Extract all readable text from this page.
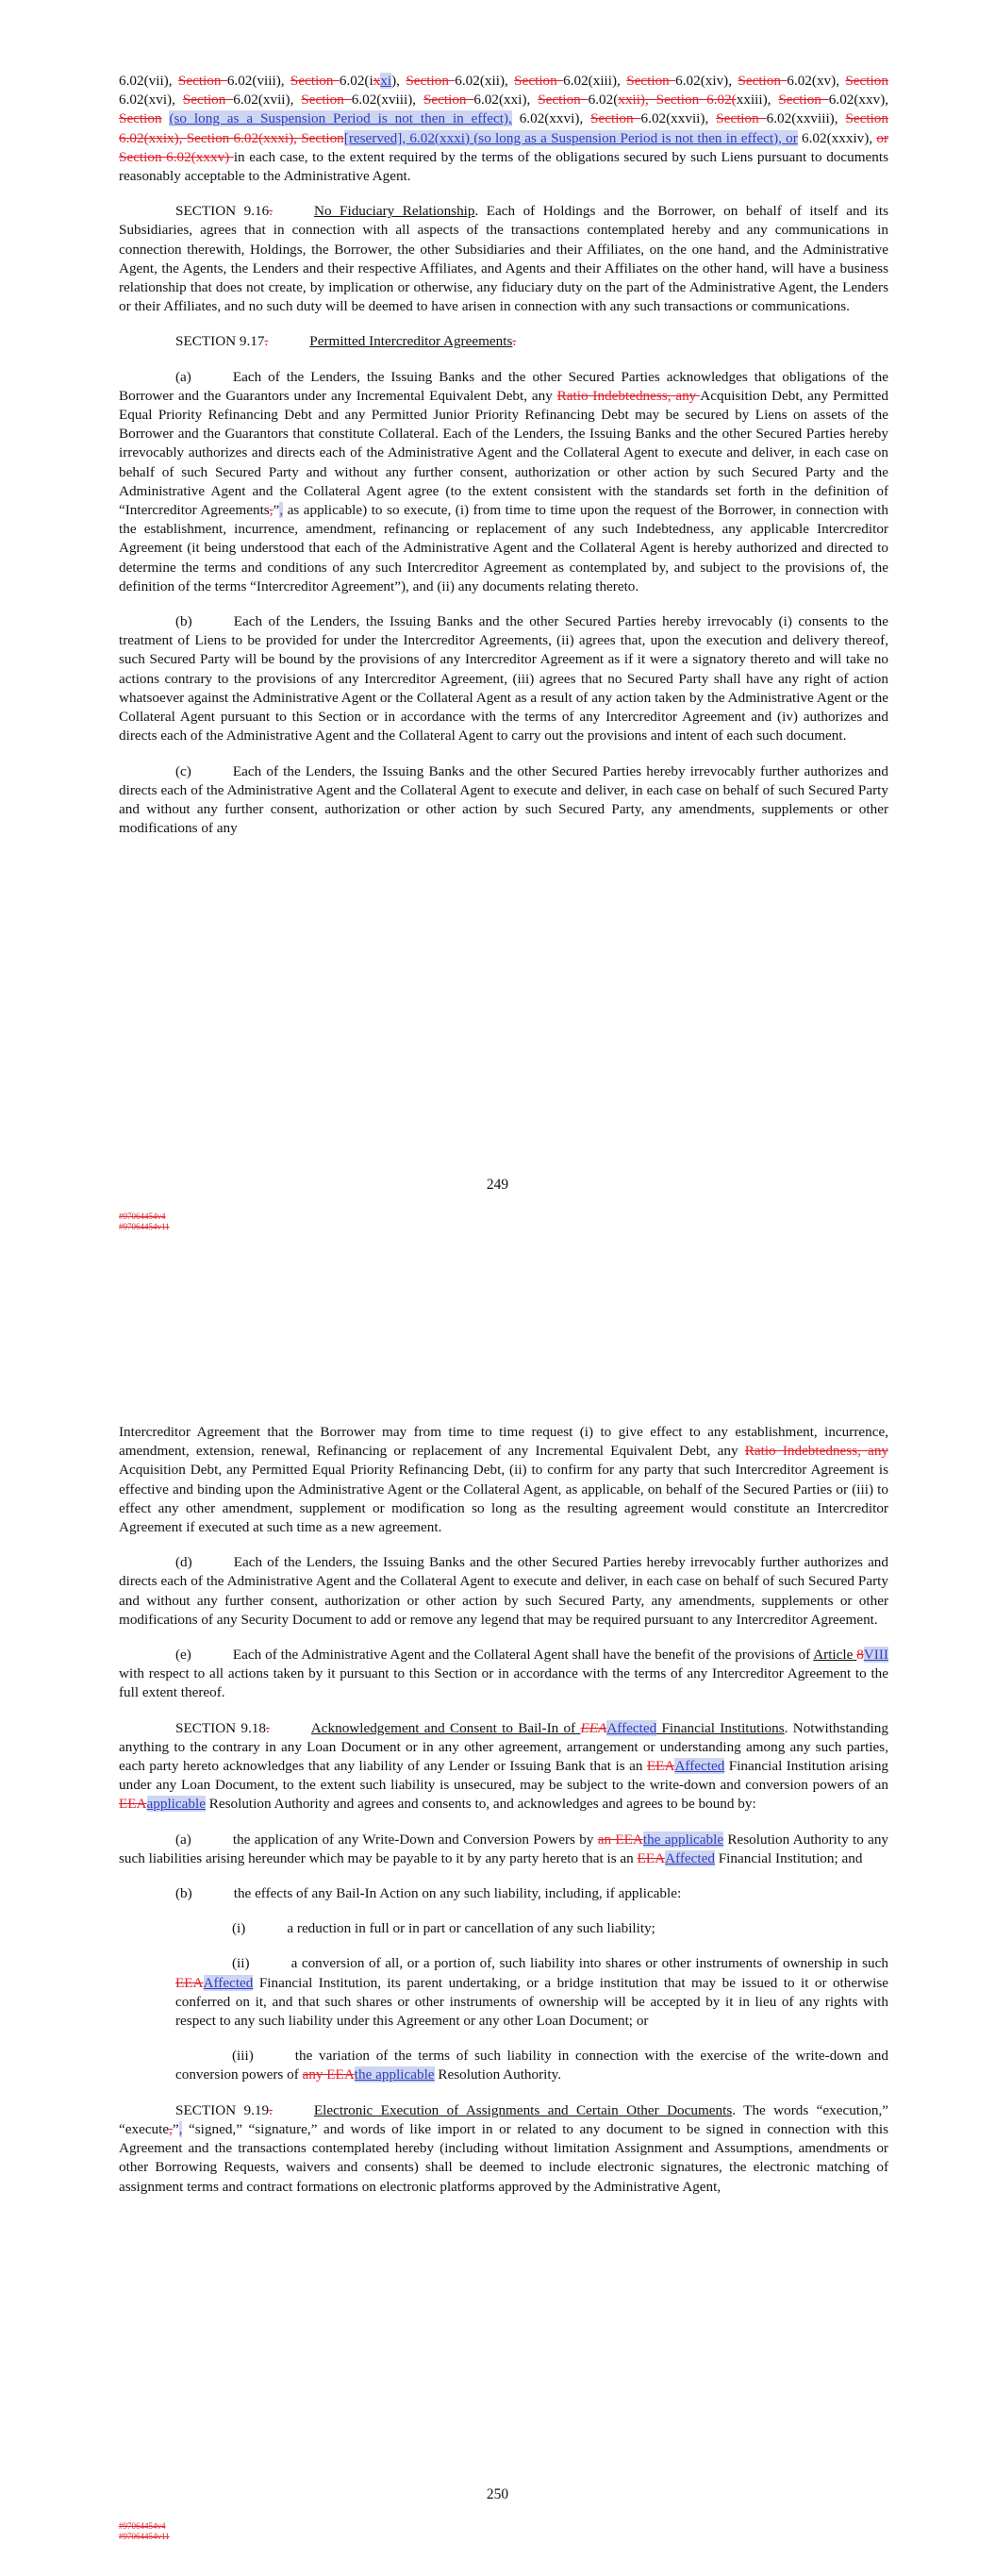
6.02(vii), Section 6.02(viii), Section 6.02(ixxi), Section 6.02(xii), Section 6.02(xiii), Section 6.02(xiv), Section 6.02(xv), Section 6.02(xvi), Section 6.02(xvii), Section 6.02(xviii), Section 6.02(xxi), Section 6.02(xxii), Section 6.02(xxiii), Section 6.02(xxv), Section (so long as a Suspension Period is not then in effect), 6.02(xxvi), Section 6.02(xxvii), Section 6.02(xxviii), Section 6.02(xxix), Section 6.02(xxxi), Section[reserved], 6.02(xxxi) (so long as a Suspension Period is not then in effect), or 6.02(xxxiv), or Section 6.02(xxxv) in each case, to the extent required by the terms of the obligations secured by such Liens pursuant to documents reasonably acceptable to the Administrative Agent.

SECTION 9.16.	No Fiduciary Relationship. Each of Holdings and the Borrower, on behalf of itself and its Subsidiaries, agrees that in connection with all aspects of the transactions contemplated hereby and any communications in connection therewith, Holdings, the Borrower, the other Subsidiaries and their Affiliates, on the one hand, and the Administrative Agent, the Agents, the Lenders and their respective Affiliates, and Agents and their Affiliates on the other hand, will have a business relationship that does not create, by implication or otherwise, any fiduciary duty on the part of the Administrative Agent, the Lenders or their Affiliates, and no such duty will be deemed to have arisen in connection with any such transactions or communications.

SECTION 9.17.	Permitted Intercreditor Agreements.

(a)	Each of the Lenders, the Issuing Banks and the other Secured Parties acknowledges that obligations of the Borrower and the Guarantors under any Incremental Equivalent Debt, any Ratio Indebtedness, any Acquisition Debt, any Permitted Equal Priority Refinancing Debt and any Permitted Junior Priority Refinancing Debt may be secured by Liens on assets of the Borrower and the Guarantors that constitute Collateral. Each of the Lenders, the Issuing Banks and the other Secured Parties hereby irrevocably authorizes and directs each of the Administrative Agent and the Collateral Agent to execute and deliver, in each case on behalf of such Secured Party and without any further consent, authorization or other action by such Secured Party and the Administrative Agent and the Collateral Agent agree (to the extent consistent with the standards set forth in the definition of “Intercreditor Agreements,”, as applicable) to so execute, (i) from time to time upon the request of the Borrower, in connection with the establishment, incurrence, amendment, refinancing or replacement of any such Indebtedness, any applicable Intercreditor Agreement (it being understood that each of the Administrative Agent and the Collateral Agent is hereby authorized and directed to determine the terms and conditions of any such Intercreditor Agreement as contemplated by, and subject to the provisions of, the definition of the terms “Intercreditor Agreement”), and (ii) any documents relating thereto.

(b)	Each of the Lenders, the Issuing Banks and the other Secured Parties hereby irrevocably (i) consents to the treatment of Liens to be provided for under the Intercreditor Agreements, (ii) agrees that, upon the execution and delivery thereof, such Secured Party will be bound by the provisions of any Intercreditor Agreement as if it were a signatory thereto and will take no actions contrary to the provisions of any Intercreditor Agreement, (iii) agrees that no Secured Party shall have any right of action whatsoever against the Administrative Agent or the Collateral Agent as a result of any action taken by the Administrative Agent or the Collateral Agent pursuant to this Section or in accordance with the terms of any Intercreditor Agreement and (iv) authorizes and directs each of the Administrative Agent and the Collateral Agent to carry out the provisions and intent of each such document.

(c)	Each of the Lenders, the Issuing Banks and the other Secured Parties hereby irrevocably further authorizes and directs each of the Administrative Agent and the Collateral Agent to execute and deliver, in each case on behalf of such Secured Party and without any further consent, authorization or other action by such Secured Party, any amendments, supplements or other modifications of any

249
#97064454v4
#97064454v11

Intercreditor Agreement that the Borrower may from time to time request (i) to give effect to any establishment, incurrence, amendment, extension, renewal, Refinancing or replacement of any Incremental Equivalent Debt, any Ratio Indebtedness, any Acquisition Debt, any Permitted Equal Priority Refinancing Debt, (ii) to confirm for any party that such Intercreditor Agreement is effective and binding upon the Administrative Agent or the Collateral Agent, as applicable, on behalf of the Secured Parties or (iii) to effect any other amendment, supplement or modification so long as the resulting agreement would constitute an Intercreditor Agreement if executed at such time as a new agreement.

(d)	Each of the Lenders, the Issuing Banks and the other Secured Parties hereby irrevocably further authorizes and directs each of the Administrative Agent and the Collateral Agent to execute and deliver, in each case on behalf of such Secured Party and without any further consent, authorization or other action by such Secured Party, any amendments, supplements or other modifications of any Security Document to add or remove any legend that may be required pursuant to any Intercreditor Agreement.

(e)	Each of the Administrative Agent and the Collateral Agent shall have the benefit of the provisions of Article 8VIII with respect to all actions taken by it pursuant to this Section or in accordance with the terms of any Intercreditor Agreement to the full extent thereof.

SECTION 9.18.	Acknowledgement and Consent to Bail-In of EEAAffected Financial Institutions. Notwithstanding anything to the contrary in any Loan Document or in any other agreement, arrangement or understanding among any such parties, each party hereto acknowledges that any liability of any Lender or Issuing Bank that is an EEAAffected Financial Institution arising under any Loan Document, to the extent such liability is unsecured, may be subject to the write-down and conversion powers of an EEAapplicable Resolution Authority and agrees and consents to, and acknowledges and agrees to be bound by:

(a)	the application of any Write-Down and Conversion Powers by an EEAthe applicable Resolution Authority to any such liabilities arising hereunder which may be payable to it by any party hereto that is an EEAAffected Financial Institution; and

(b)	the effects of any Bail-In Action on any such liability, including, if applicable:

(i)	a reduction in full or in part or cancellation of any such liability;

(ii)	a conversion of all, or a portion of, such liability into shares or other instruments of ownership in such EEAAffected Financial Institution, its parent undertaking, or a bridge institution that may be issued to it or otherwise conferred on it, and that such shares or other instruments of ownership will be accepted by it in lieu of any rights with respect to any such liability under this Agreement or any other Loan Document; or

(iii)	the variation of the terms of such liability in connection with the exercise of the write-down and conversion powers of any EEAthe applicable Resolution Authority.

SECTION 9.19.	Electronic Execution of Assignments and Certain Other Documents. The words “execution,” “execute,”, “signed,” “signature,” and words of like import in or related to any document to be signed in connection with this Agreement and the transactions contemplated hereby (including without limitation Assignment and Assumptions, amendments or other Borrowing Requests, waivers and consents) shall be deemed to include electronic signatures, the electronic matching of assignment terms and contract formations on electronic platforms approved by the Administrative Agent,

250
#97064454v4
#97064454v11
